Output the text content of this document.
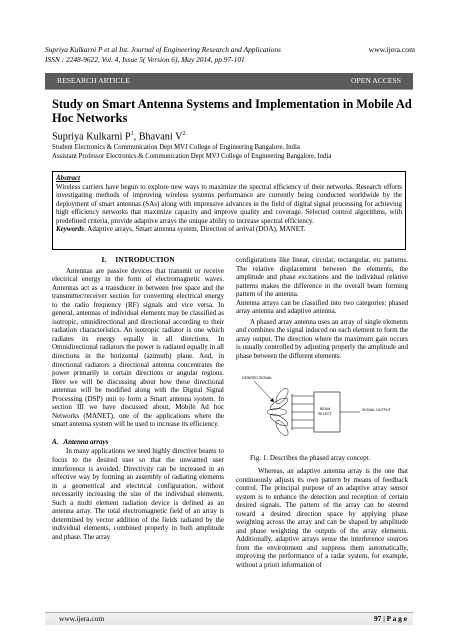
Supriya Kulkarni P et al Int. Journal of Engineering Research and Applications
ISSN : 2248-9622, Vol. 4, Issue 5( Version 6), May 2014, pp.97-101
www.ijera.com
RESEARCH ARTICLE	OPEN ACCESS
Study on Smart Antenna Systems and Implementation in Mobile Ad Hoc Networks
Supriya Kulkarni $P^1$, Bhavani $V^2$
Student Electronics & Communication Dept MVJ College of Engineering Bangalore, India
Assistant Professor Electronics & Communication Dept MVJ College of Engineering Bangalore, India
Abstract
Wireless carriers have begun to explore new ways to maximize the spectral efficiency of their networks. Research efforts investigating methods of improving wireless systems performance are currently being conducted worldwide by the deployment of smart antennas (SAs) along with impressive advances in the field of digital signal processing for achieving high efficiency networks that maximize capacity and improve quality and coverage. Selected control algorithms, with predefined criteria, provide adaptive arrays the unique ability to increase spectral efficiency.
Keywords: Adaptive arrays, Smart antenna system, Direction of arrival (DOA), MANET.
I.     INTRODUCTION

Antennas are passive devices that transmit or receive electrical energy in the form of electromagnetic waves. Antennas act as a transducer in between free space and the transmitter/receiver section for converting electrical energy to the radio frequency (RF) signals and vice versa. In general, antennas of individual elements may be classified as isotropic, omnidirectional and directional according to their radiation characteristics. An isotropic radiator is one which radiates its energy equally in all directions. In Omnidirectional radiators the power is radiated equally in all directions in the horizontal (azimuth) plane. And, in directional radiators a directional antenna concentrates the power primarily in certain directions or angular regions. Here we will be discussing about how these directional antennas will be modified along with the Digital Signal Processing (DSP) unit to form a Smart antenna system. In section III we have discussed about, Mobile Ad hoc Networks (MANET), one of the applications where the smart antenna system will be used to increase its efficiency.

A.   Antenna arrays

In many applications we need highly directive beams to focus to the desired user so that the unwanted user interference is avoided. Directivity can be increased in an effective way by forming an assembly of radiating elements in a geometrical and electrical configuration, without necessarily increasing the size of the individual elements. Such a multi element radiation device is defined as an antenna array. The total electromagnetic field of an array is determined by vector addition of the fields radiated by the individual elements, combined properly in both amplitude and phase. The array

configurations like linear, circular, rectangular, etc patterns. The relative displacement between the elements, the amplitude and phase excitations and the individual relative patterns makes the difference in the overall beam forming pattern of the antenna.

Antenna arrays can be classified into two categories: phased array antenna and adaptive antenna.

A phased array antenna uses an array of single elements and combines the signal induced on each element to form the array output. The direction where the maximum gain occurs is usually controlled by adjusting properly the amplitude and phase between the different elements.

DESIRED SIGNAL
BEAM
SELECT
SIGNAL OUTPUT
Fig. 1. Describes the phased array concept.

Whereas, an adaptive antenna array is the one that continuously adjusts its own pattern by means of feedback control. The principal purpose of an adaptive array sensor system is to enhance the detection and reception of certain desired signals. The pattern of the array can be steered toward a desired direction space by applying phase weighting across the array and can be shaped by amplitude and phase weighting the outputs of the array elements. Additionally, adaptive arrays sense the interference sources from the environment and suppress them automatically, improving the performance of a radar system, for example, without a priori information of

www.ijera.com	97 | P a g e
